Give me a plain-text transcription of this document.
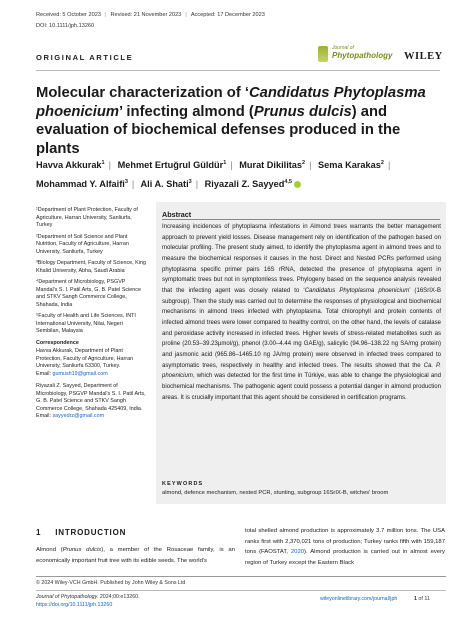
Received: 5 October 2023 | Revised: 21 November 2023 | Accepted: 17 December 2023
DOI: 10.1111/jph.13260
ORIGINAL ARTICLE
Journal of
Phytopathology WILEY
Molecular characterization of ‘Candidatus Phytoplasma phoenicium’ infecting almond (Prunus dulcis) and evaluation of biochemical defenses produced in the plants
Havva Akkurak$^1$ | Mehmet Ertuğrul Güldür$^1$ | Murat Dikilitas$^2$ | Sema Karakas$^2$ |
Mohammad Y. Alfaifi$^3$ | Ali A. Shati$^3$ | Riyazali Z. Sayyed$^{4,5}$
¹Department of Plant Protection, Faculty of Agriculture, Harran University, Sanliurfa, Turkey
²Department of Soil Science and Plant Nutrition, Faculty of Agriculture, Harran University, Sanliurfa, Turkey
³Biology Department, Faculty of Science, King Khalid University, Abha, Saudi Arabia
⁴Department of Microbiology, PSGVP Mandal's S. I. Patil Arts, G. B. Patel Science and STKV Sangh Commerce College, Shahada, India
⁵Faculty of Health and Life Sciences, INTI International University, Nilai, Negeri Sembilan, Malaysia
Correspondence
Havva Akkurak, Department of Plant Protection, Faculty of Agriculture, Harran University, Sanliurfa 63300, Turkey.
Email: gumush19@gmail.com
Riyazali Z. Sayyed, Department of Microbiology, PSGVP Mandal's S. I. Patil Arts, G. B. Patel Science and STKV Sangh Commerce College, Shahada 425409, India.
Email: sayyedrz@gmail.com
Abstract
Increasing incidences of phytoplasma infestations in Almond trees warrants the better management approach to prevent yield losses. Disease management rely on identification of the pathogen based on molecular profiling. The present study aimed, to identify the phytoplasma agent in almond trees and to measure the biochemical responses it causes in the host. Direct and Nested PCRs performed using phytoplasma specific primer pairs 16S rRNA, detected the presence of phytoplasma agent in symptomatic trees but not in symptomless trees. Phylogeny based on the sequence analysis revealed that the infecting agent was closely related to ‘Candidatus Phytoplasma phoenicium’ (16SrIX-B subgroup). Then the study was carried out to determine the responses of physiological and biochemical mechanisms in almond trees infected with phytoplasma. Total chlorophyll and protein contents of infected almond trees were lower compared to healthy control, on the other hand, the levels of catalase and peroxidase activity increased in infected trees. Higher levels of stress-related metabolites such as proline (20.53–39.23µmol/g), phenol (3.00–4.44 mg GAE/g), salicylic (94.96–138.22 ng SA/mg protein) and jasmonic acid (965.86–1465.10 ng JA/mg protein) were observed in infected trees compared to asymptomatic trees, respectively in healthy and infected trees. The results showed that the Ca. P. phoenicium, which was detected for the first time in Türkiye, was able to change the physiological and biochemical mechanisms. The pathogenic agent could possess a potential danger in almond production areas. It is crucially important that this agent should be considered in certification programs.
KEYWORDS
almond, defence mechanism, nested PCR, stunting, subgroup 16SrIX-B, witches' broom
1 INTRODUCTION
Almond (Prunus dulcis), a member of the Rosaceae family, is an economically important fruit tree with its edible seeds. The world's
total shelled almond production is approximately 3.7 million tons. The USA ranks first with 2,370,021 tons of production; Turkey ranks fifth with 159,187 tons (FAOSTAT, 2020). Almond production is carried out in almost every region of Turkey except the Eastern Black
© 2024 Wiley-VCH GmbH. Published by John Wiley & Sons Ltd
Journal of Phytopathology. 2024;00:e13260.
https://doi.org/10.1111/jph.13260
wileyonlinelibrary.com/journal/jph	1 of 11
